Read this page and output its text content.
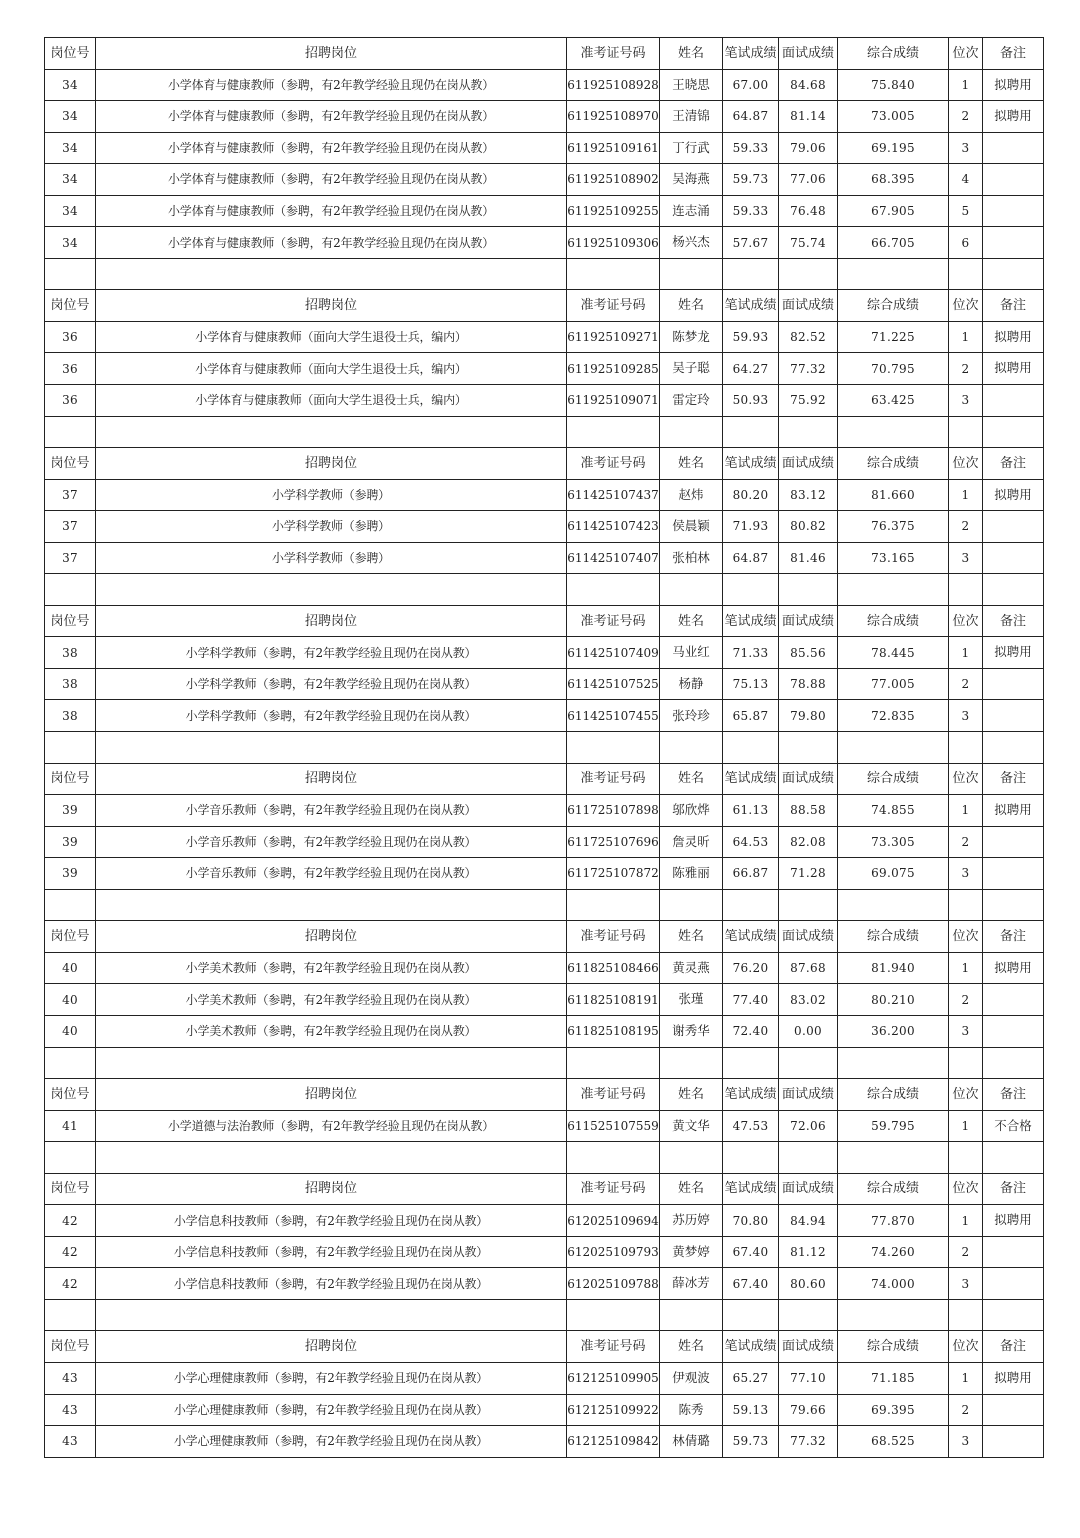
岗位号	招聘岗位	准考证号码	姓名	笔试成绩	面试成绩	综合成绩	位次	备注
34	小学体育与健康教师（参聘，有2年教学经验且现仍在岗从教）	611925108928	王晓思	67.00	84.68	75.840	1	拟聘用
34	小学体育与健康教师（参聘，有2年教学经验且现仍在岗从教）	611925108970	王清锦	64.87	81.14	73.005	2	拟聘用
34	小学体育与健康教师（参聘，有2年教学经验且现仍在岗从教）	611925109161	丁行武	59.33	79.06	69.195	3	
34	小学体育与健康教师（参聘，有2年教学经验且现仍在岗从教）	611925108902	吴海燕	59.73	77.06	68.395	4	
34	小学体育与健康教师（参聘，有2年教学经验且现仍在岗从教）	611925109255	连志涌	59.33	76.48	67.905	5	
34	小学体育与健康教师（参聘，有2年教学经验且现仍在岗从教）	611925109306	杨兴杰	57.67	75.74	66.705	6	

岗位号	招聘岗位	准考证号码	姓名	笔试成绩	面试成绩	综合成绩	位次	备注
36	小学体育与健康教师（面向大学生退役士兵，编内）	611925109271	陈梦龙	59.93	82.52	71.225	1	拟聘用
36	小学体育与健康教师（面向大学生退役士兵，编内）	611925109285	吴子聪	64.27	77.32	70.795	2	拟聘用
36	小学体育与健康教师（面向大学生退役士兵，编内）	611925109071	雷定玲	50.93	75.92	63.425	3	

岗位号	招聘岗位	准考证号码	姓名	笔试成绩	面试成绩	综合成绩	位次	备注
37	小学科学教师（参聘）	611425107437	赵炜	80.20	83.12	81.660	1	拟聘用
37	小学科学教师（参聘）	611425107423	侯晨颖	71.93	80.82	76.375	2	
37	小学科学教师（参聘）	611425107407	张柏林	64.87	81.46	73.165	3	

岗位号	招聘岗位	准考证号码	姓名	笔试成绩	面试成绩	综合成绩	位次	备注
38	小学科学教师（参聘，有2年教学经验且现仍在岗从教）	611425107409	马业红	71.33	85.56	78.445	1	拟聘用
38	小学科学教师（参聘，有2年教学经验且现仍在岗从教）	611425107525	杨静	75.13	78.88	77.005	2	
38	小学科学教师（参聘，有2年教学经验且现仍在岗从教）	611425107455	张玲珍	65.87	79.80	72.835	3	

岗位号	招聘岗位	准考证号码	姓名	笔试成绩	面试成绩	综合成绩	位次	备注
39	小学音乐教师（参聘，有2年教学经验且现仍在岗从教）	611725107898	邬欣烨	61.13	88.58	74.855	1	拟聘用
39	小学音乐教师（参聘，有2年教学经验且现仍在岗从教）	611725107696	詹灵昕	64.53	82.08	73.305	2	
39	小学音乐教师（参聘，有2年教学经验且现仍在岗从教）	611725107872	陈雅丽	66.87	71.28	69.075	3	

岗位号	招聘岗位	准考证号码	姓名	笔试成绩	面试成绩	综合成绩	位次	备注
40	小学美术教师（参聘，有2年教学经验且现仍在岗从教）	611825108466	黄灵燕	76.20	87.68	81.940	1	拟聘用
40	小学美术教师（参聘，有2年教学经验且现仍在岗从教）	611825108191	张瑾	77.40	83.02	80.210	2	
40	小学美术教师（参聘，有2年教学经验且现仍在岗从教）	611825108195	谢秀华	72.40	0.00	36.200	3	

岗位号	招聘岗位	准考证号码	姓名	笔试成绩	面试成绩	综合成绩	位次	备注
41	小学道德与法治教师（参聘，有2年教学经验且现仍在岗从教）	611525107559	黄文华	47.53	72.06	59.795	1	不合格

岗位号	招聘岗位	准考证号码	姓名	笔试成绩	面试成绩	综合成绩	位次	备注
42	小学信息科技教师（参聘，有2年教学经验且现仍在岗从教）	612025109694	苏历婷	70.80	84.94	77.870	1	拟聘用
42	小学信息科技教师（参聘，有2年教学经验且现仍在岗从教）	612025109793	黄梦婷	67.40	81.12	74.260	2	
42	小学信息科技教师（参聘，有2年教学经验且现仍在岗从教）	612025109788	薛冰芳	67.40	80.60	74.000	3	

岗位号	招聘岗位	准考证号码	姓名	笔试成绩	面试成绩	综合成绩	位次	备注
43	小学心理健康教师（参聘，有2年教学经验且现仍在岗从教）	612125109905	伊观波	65.27	77.10	71.185	1	拟聘用
43	小学心理健康教师（参聘，有2年教学经验且现仍在岗从教）	612125109922	陈秀	59.13	79.66	69.395	2	
43	小学心理健康教师（参聘，有2年教学经验且现仍在岗从教）	612125109842	林倩璐	59.73	77.32	68.525	3	
